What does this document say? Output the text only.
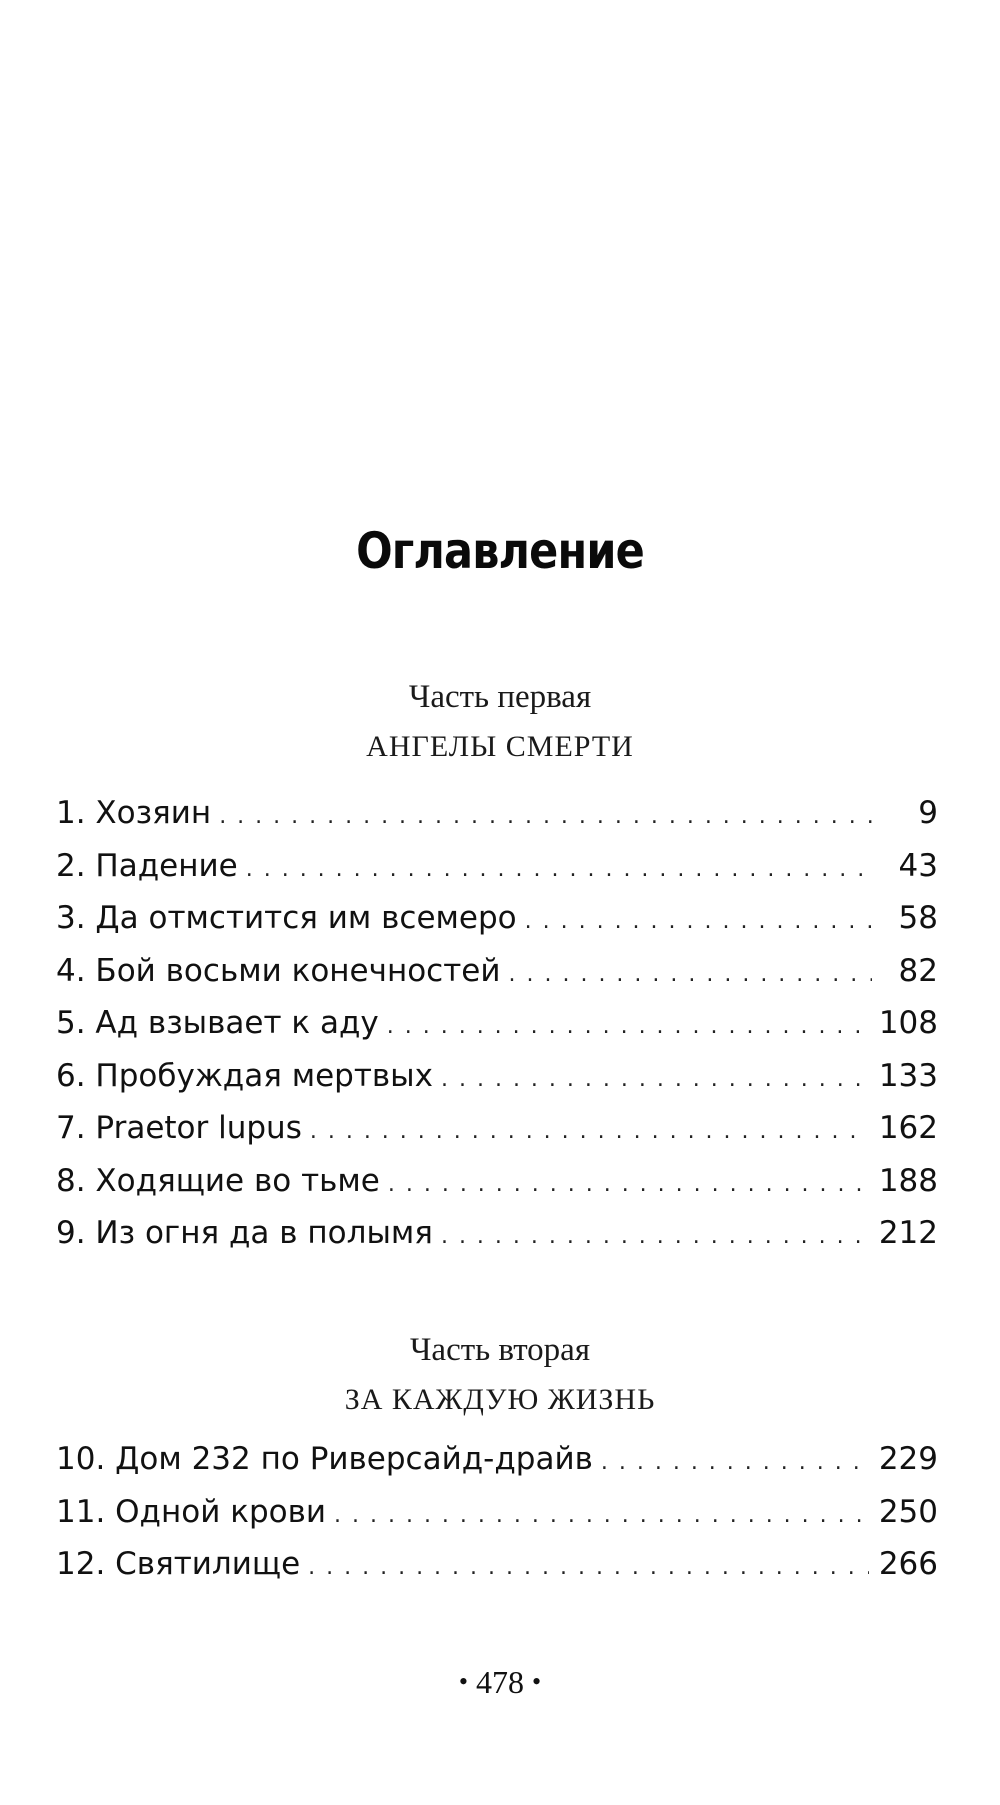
Оглавление
Часть первая
АНГЕЛЫ СМЕРТИ
1. Хозяин . . .	9
2. Падение . . .	43
3. Да отмстится им всемеро . . .	58
4. Бой восьми конечностей . . .	82
5. Ад взывает к аду . . .	108
6. Пробуждая мертвых . . .	133
7. Praetor lupus . . .	162
8. Ходящие во тьме . . .	188
9. Из огня да в полымя . . .	212
Часть вторая
ЗА КАЖДУЮ ЖИЗНЬ
10. Дом 232 по Риверсайд-драйв . . .	229
11. Одной крови . . .	250
12. Святилище . . .	266
• 478 •
